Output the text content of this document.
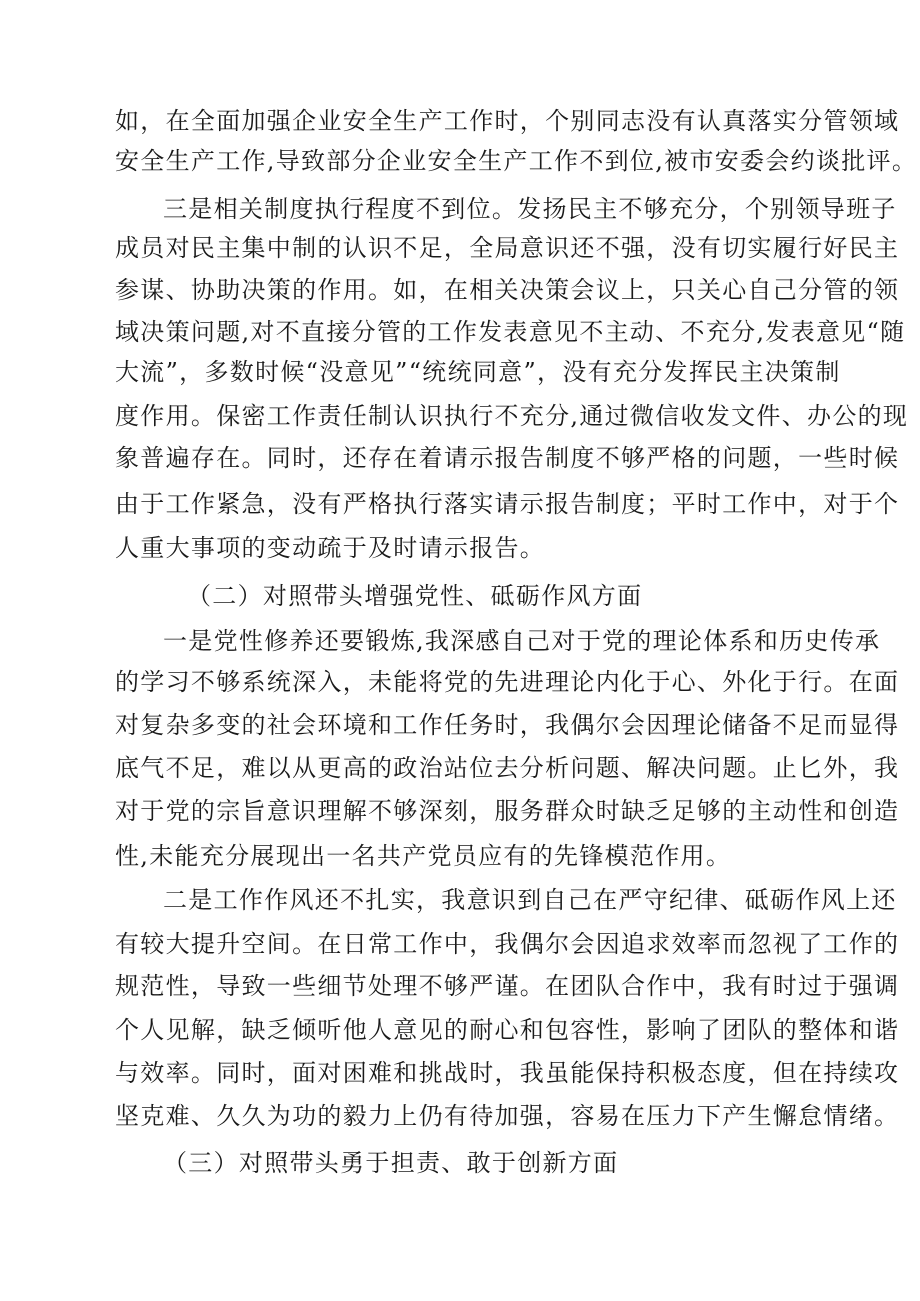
如，在全面加强企业安全生产工作时，个别同志没有认真落实分管领域
安全生产工作,导致部分企业安全生产工作不到位,被市安委会约谈批评。
三是相关制度执行程度不到位。发扬民主不够充分，个别领导班子
成员对民主集中制的认识不足，全局意识还不强，没有切实履行好民主
参谋、协助决策的作用。如，在相关决策会议上，只关心自己分管的领
域决策问题,对不直接分管的工作发表意见不主动、不充分,发表意见“随
大流”，多数时候“没意见”“统统同意”，没有充分发挥民主决策制
度作用。保密工作责任制认识执行不充分,通过微信收发文件、办公的现
象普遍存在。同时，还存在着请示报告制度不够严格的问题，一些时候
由于工作紧急，没有严格执行落实请示报告制度；平时工作中，对于个
人重大事项的变动疏于及时请示报告。
（二）对照带头增强党性、砥砺作风方面
一是党性修养还要锻炼,我深感自己对于党的理论体系和历史传承
的学习不够系统深入，未能将党的先进理论内化于心、外化于行。在面
对复杂多变的社会环境和工作任务时，我偶尔会因理论储备不足而显得
底气不足，难以从更高的政治站位去分析问题、解决问题。止匕外，我
对于党的宗旨意识理解不够深刻，服务群众时缺乏足够的主动性和创造
性,未能充分展现出一名共产党员应有的先锋模范作用。
二是工作作风还不扎实，我意识到自己在严守纪律、砥砺作风上还
有较大提升空间。在日常工作中，我偶尔会因追求效率而忽视了工作的
规范性，导致一些细节处理不够严谨。在团队合作中，我有时过于强调
个人见解，缺乏倾听他人意见的耐心和包容性，影响了团队的整体和谐
与效率。同时，面对困难和挑战时，我虽能保持积极态度，但在持续攻
坚克难、久久为功的毅力上仍有待加强，容易在压力下产生懈怠情绪。
（三）对照带头勇于担责、敢于创新方面
